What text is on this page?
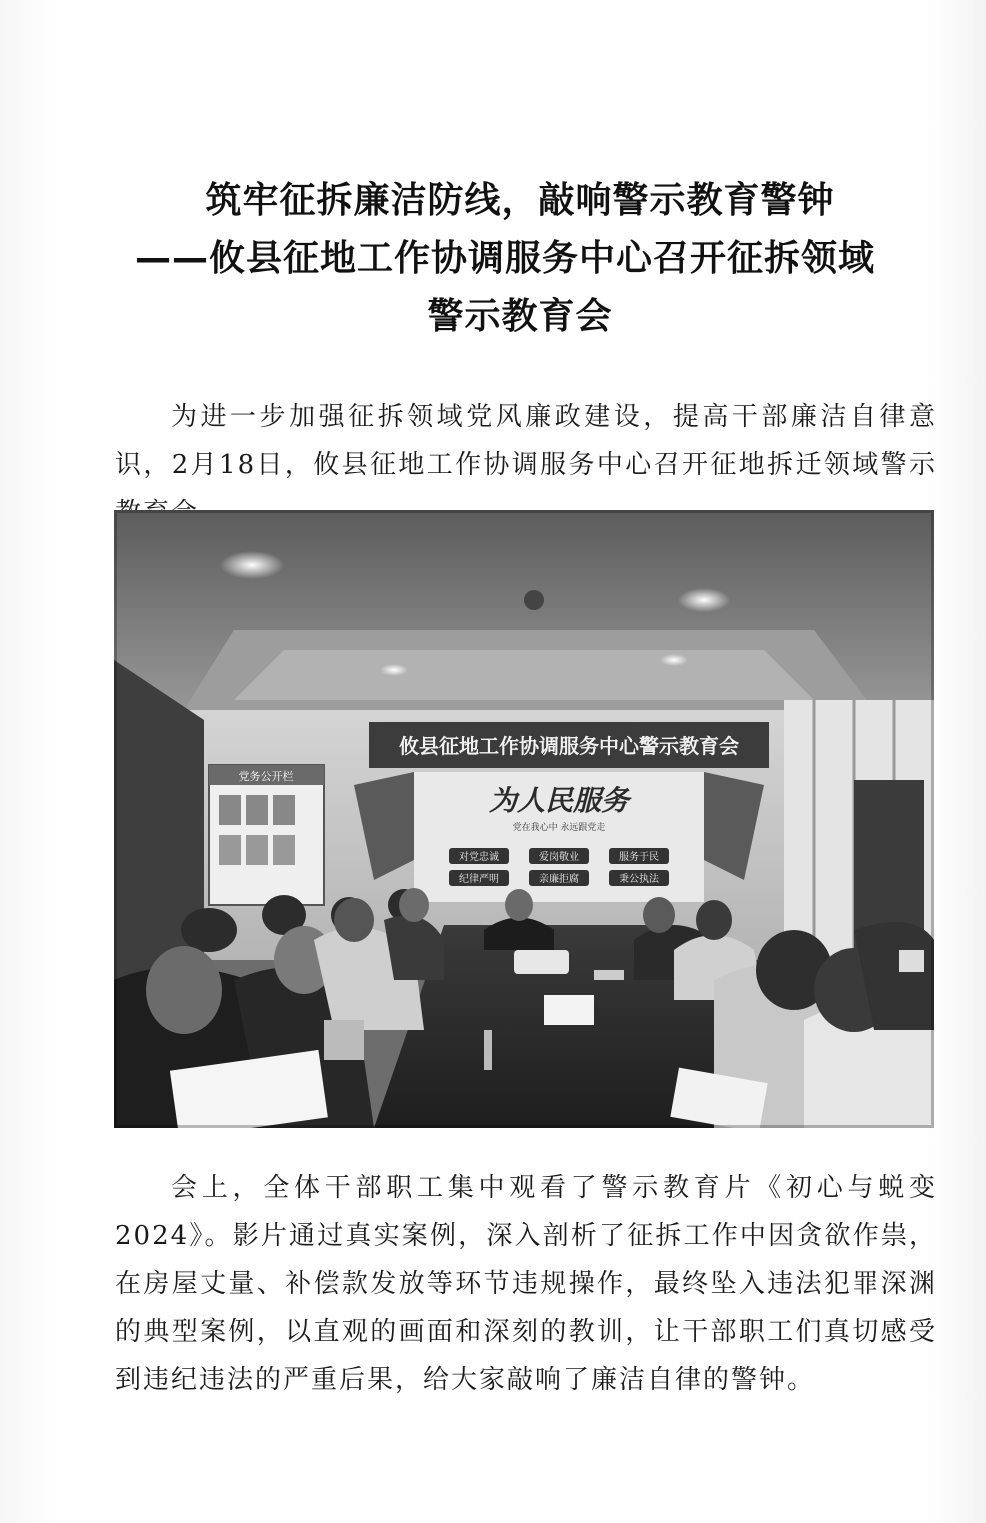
筑牢征拆廉洁防线，敲响警示教育警钟
——攸县征地工作协调服务中心召开征拆领域
警示教育会

为进一步加强征拆领域党风廉政建设，提高干部廉洁自律意识，2月18日，攸县征地工作协调服务中心召开征地拆迁领域警示

攸县征地工作协调服务中心警示教育会
为人民服务
党在我心中 永远跟党走
对党忠诚	爱岗敬业	服务于民
纪律严明	亲廉拒腐	秉公执法
党务公开栏

会上，全体干部职工集中观看了警示教育片《初心与蜕变2024》。影片通过真实案例，深入剖析了征拆工作中因贪欲作祟，在房屋丈量、补偿款发放等环节违规操作，最终坠入违法犯罪深渊的典型案例，以直观的画面和深刻的教训，让干部职工们真切感受到违纪违法的严重后果，给大家敲响了廉洁自律的警钟。
